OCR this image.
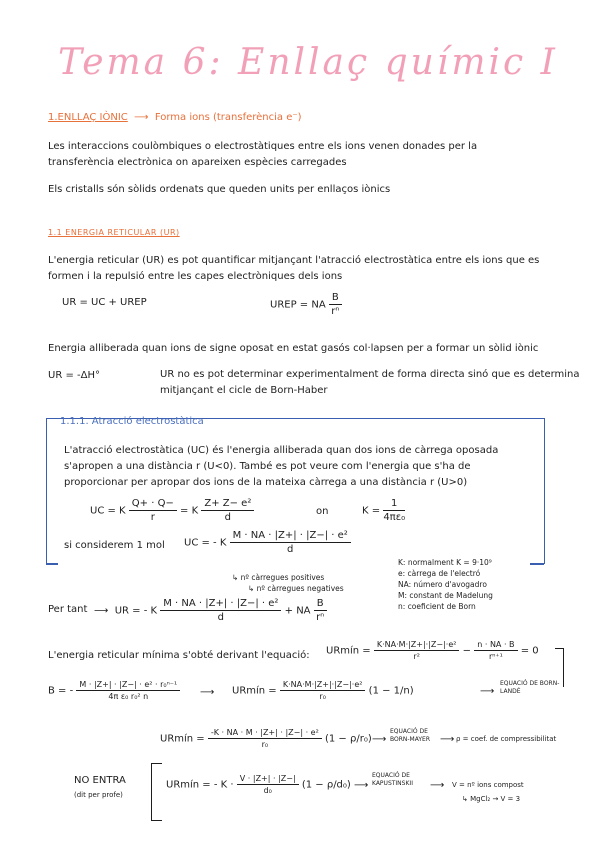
Tema 6: Enllaç químic I
1.ENLLAÇ IÒNIC  ⟶  Forma ions (transferència e⁻)
Les interaccions coulòmbiques o electrostàtiques entre els ions venen donades per la
transferència electrònica on apareixen espècies carregades
Els cristalls són sòlids ordenats que queden units per enllaços iònics
1.1 ENERGIA RETICULAR (UR)
L'energia reticular (UR) es pot quantificar mitjançant l'atracció electrostàtica entre els ions que es
formen i la repulsió entre les capes electròniques dels ions
UR = UC + UREP	UREP = NA $\frac{B}{\text{rⁿ}}$
Energia alliberada quan ions de signe oposat en estat gasós col·lapsen per a formar un sòlid iònic
UR = -ΔH°	UR no es pot determinar experimentalment de forma directa sinó que es determina
mitjançant el cicle de Born-Haber
1.1.1. Atracció electrostàtica
L'atracció electrostàtica (UC) és l'energia alliberada quan dos ions de càrrega oposada
s'apropen a una distància r (U<0). També es pot veure com l'energia que s'ha de
proporcionar per apropar dos ions de la mateixa càrrega a una distància r (U>0)
UC = K $\frac{Q+ \cdot Q-}{r} = K \frac{\text{Z+ Z− e²}}{d}$	on	$K = \frac{1}{\text{4πε₀}}$
si considerem 1 mol UC = - K $\frac{\text{M · NA · |Z+| · |Z−| · e²}}{d}$
K: normalment K = 9·10⁹
e: càrrega de l'electró
NA: número d'avogadro
M: constant de Madelung
n: coeficient de Born
↳ nº càrregues positives
↳ nº càrregues negatives
Per tant ⟶  UR = - K $\frac{\text{M · NA · |Z+| · |Z−| · e²}}{d}$ + NA $\frac{B}{\text{rⁿ}}$
L'energia reticular mínima s'obté derivant l'equació: URmín = $\frac{\text{K·NA·M·|Z+|·|Z−|·e²}}{\text{r²}} - \frac{n \cdot NA \cdot B}{\text{rⁿ⁺¹}} = 0$
B = - $\frac{\text{M · |Z+| · |Z−| · e² · r₀ⁿ⁻¹}}{\text{4π ε₀ r₀² n}}$ ⟶ URmín = $\frac{\text{K·NA·M·|Z+|·|Z−|·e²}}{\text{r₀}} (1 - 1/n)$	⟶
EQUACIÓ DE BORN-LANDÉ
URmín = $\frac{\text{-K · NA · M · |Z+| · |Z−| · e²}}{\text{r₀}} (1 - \rho/r_0)$ ⟶
EQUACIÓ DE BORN-MAYER	⟶ ρ = coef. de compressibilitat
NO ENTRA
(dit per profe)
URmín = - $K \cdot \frac{V \cdot |Z+| \cdot |Z-|}{\text{d₀}} (1 - \rho/d_0)$ ⟶
EQUACIÓ DE KAPUSTINSKII	⟶ V = nº ions compost
↳ MgCl₂ → V = 3
